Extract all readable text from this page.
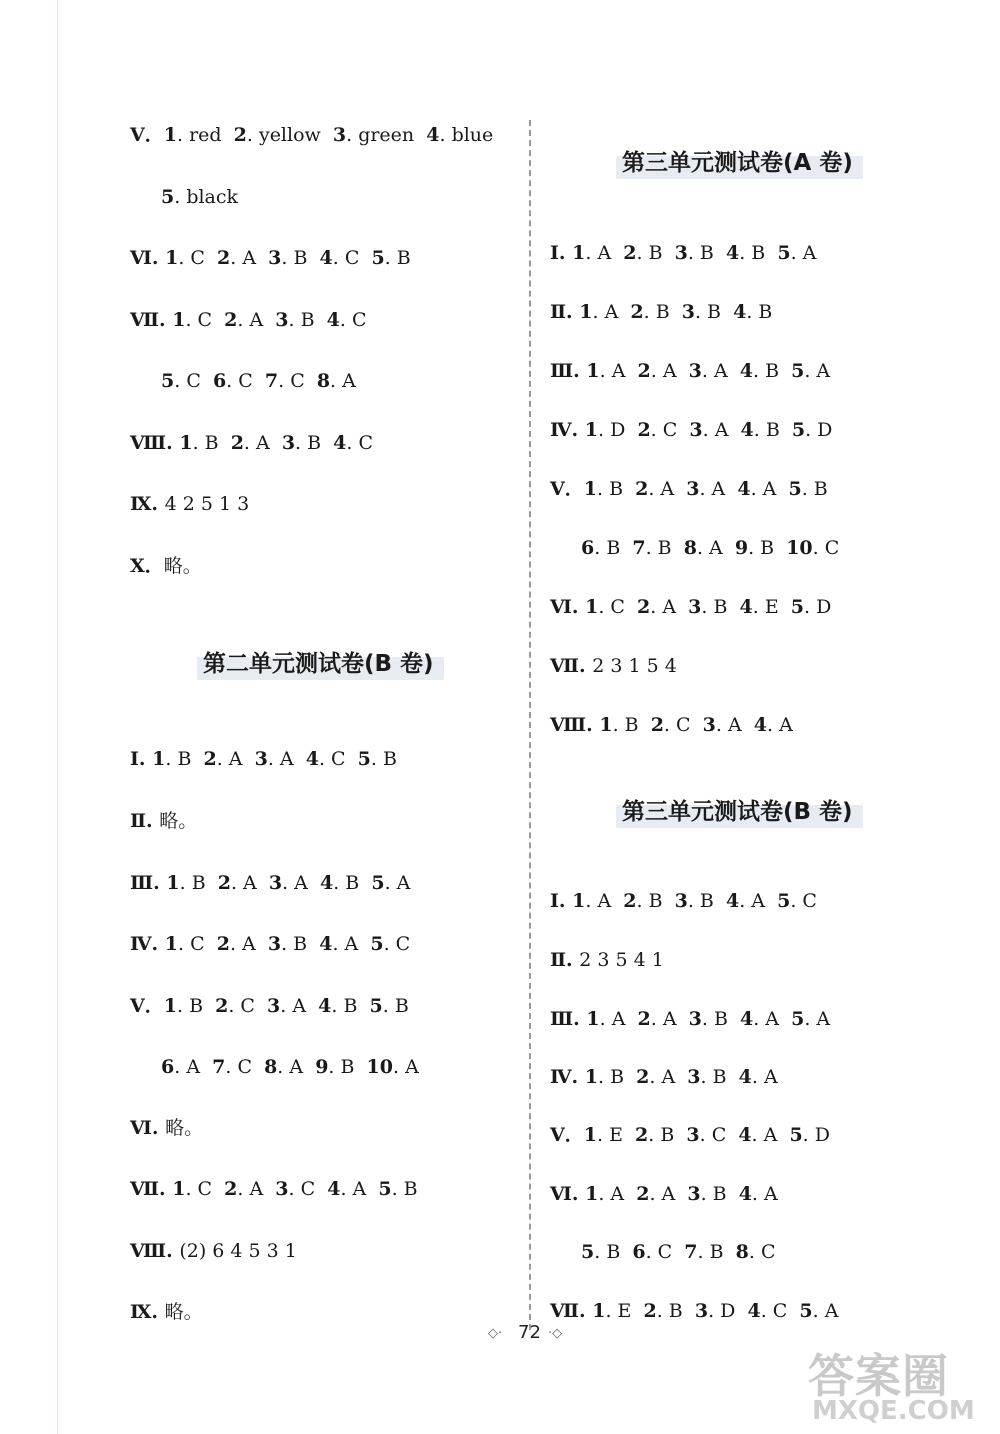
V．1. red  2. yellow  3. green  4. blue
5. black
Ⅵ. 1. C  2. A  3. B  4. C  5. B
Ⅶ. 1. C  2. A  3. B  4. C
5. C  6. C  7. C  8. A
Ⅷ. 1. B  2. A  3. B  4. C
Ⅸ. 4 2 5 1 3
X．略。
Ⅰ. 1. B  2. A  3. A  4. C  5. B
Ⅱ. 略。
Ⅲ. 1. B  2. A  3. A  4. B  5. A
Ⅳ. 1. C  2. A  3. B  4. A  5. C
V．1. B  2. C  3. A  4. B  5. B
6. A  7. C  8. A  9. B  10. A
Ⅵ. 略。
Ⅶ. 1. C  2. A  3. C  4. A  5. B
Ⅷ. (2) 6 4 5 3 1
Ⅸ. 略。
第二单元测试卷(B 卷)
Ⅰ. 1. A  2. B  3. B  4. B  5. A
Ⅱ. 1. A  2. B  3. B  4. B
Ⅲ. 1. A  2. A  3. A  4. B  5. A
Ⅳ. 1. D  2. C  3. A  4. B  5. D
V．1. B  2. A  3. A  4. A  5. B
6. B  7. B  8. A  9. B  10. C
Ⅵ. 1. C  2. A  3. B  4. E  5. D
Ⅶ. 2 3 1 5 4
Ⅷ. 1. B  2. C  3. A  4. A
Ⅰ. 1. A  2. B  3. B  4. A  5. C
Ⅱ. 2 3 5 4 1
Ⅲ. 1. A  2. A  3. B  4. A  5. A
Ⅳ. 1. B  2. A  3. B  4. A
V．1. E  2. B  3. C  4. A  5. D
Ⅵ. 1. A  2. A  3. B  4. A
5. B  6. C  7. B  8. C
Ⅶ. 1. E  2. B  3. D  4. C  5. A
第三单元测试卷(A 卷)
第三单元测试卷(B 卷)
◇· 72 ·◇
答案圈
MXQE.COM
